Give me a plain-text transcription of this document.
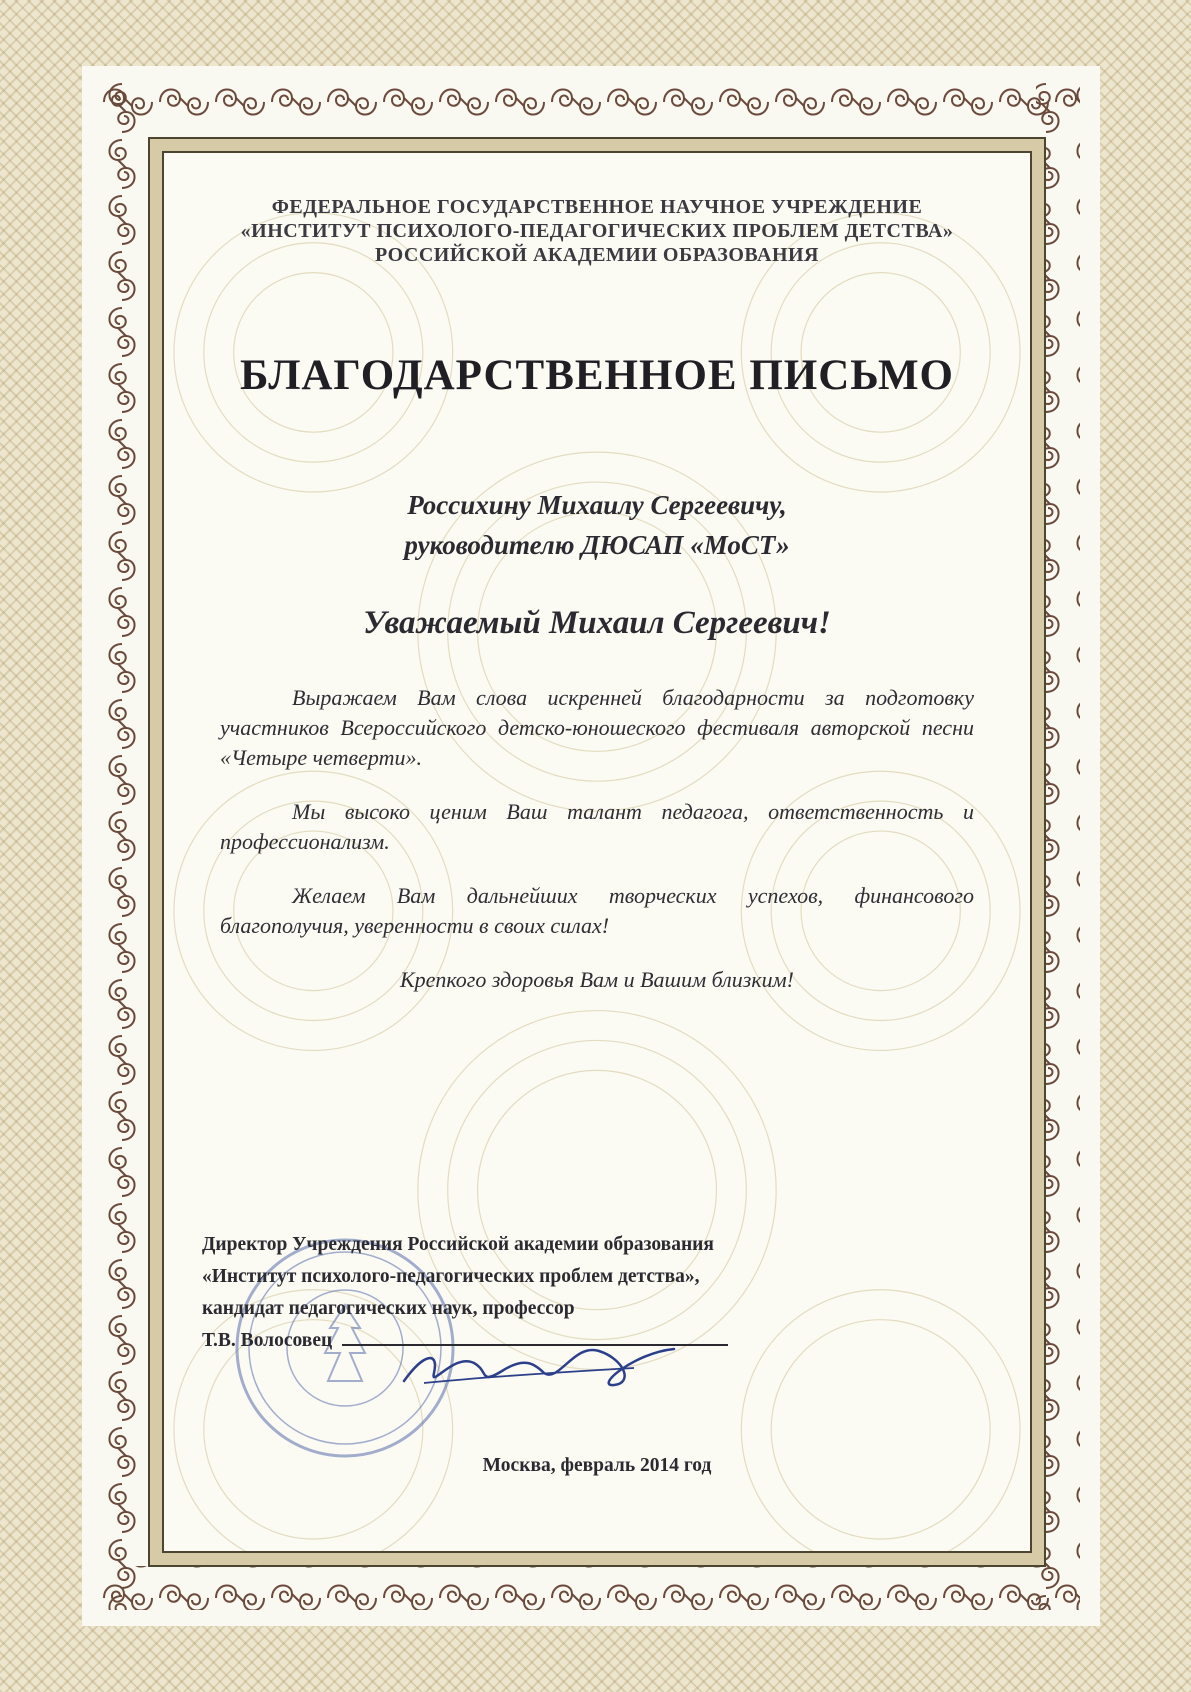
ФЕДЕРАЛЬНОЕ ГОСУДАРСТВЕННОЕ НАУЧНОЕ УЧРЕЖДЕНИЕ
«ИНСТИТУТ ПСИХОЛОГО-ПЕДАГОГИЧЕСКИХ ПРОБЛЕМ ДЕТСТВА»
РОССИЙСКОЙ АКАДЕМИИ ОБРАЗОВАНИЯ
БЛАГОДАРСТВЕННОЕ ПИСЬМО
Россихину Михаилу Сергеевичу,
руководителю ДЮСАП «МоСТ»
Уважаемый Михаил Сергеевич!

Выражаем Вам слова искренней благодарности за подготовку участников Всероссийского детско-юношеского фестиваля авторской песни «Четыре четверти».

Мы высоко ценим Ваш талант педагога, ответственность и профессионализм.

Желаем Вам дальнейших творческих успехов, финансового благополучия, уверенности в своих силах!

Крепкого здоровья Вам и Вашим близким!

Директор Учреждения Российской академии образования
«Институт психолого-педагогических проблем детства»,
кандидат педагогических наук, профессор
Т.В. Волосовец
Москва, февраль 2014 год
